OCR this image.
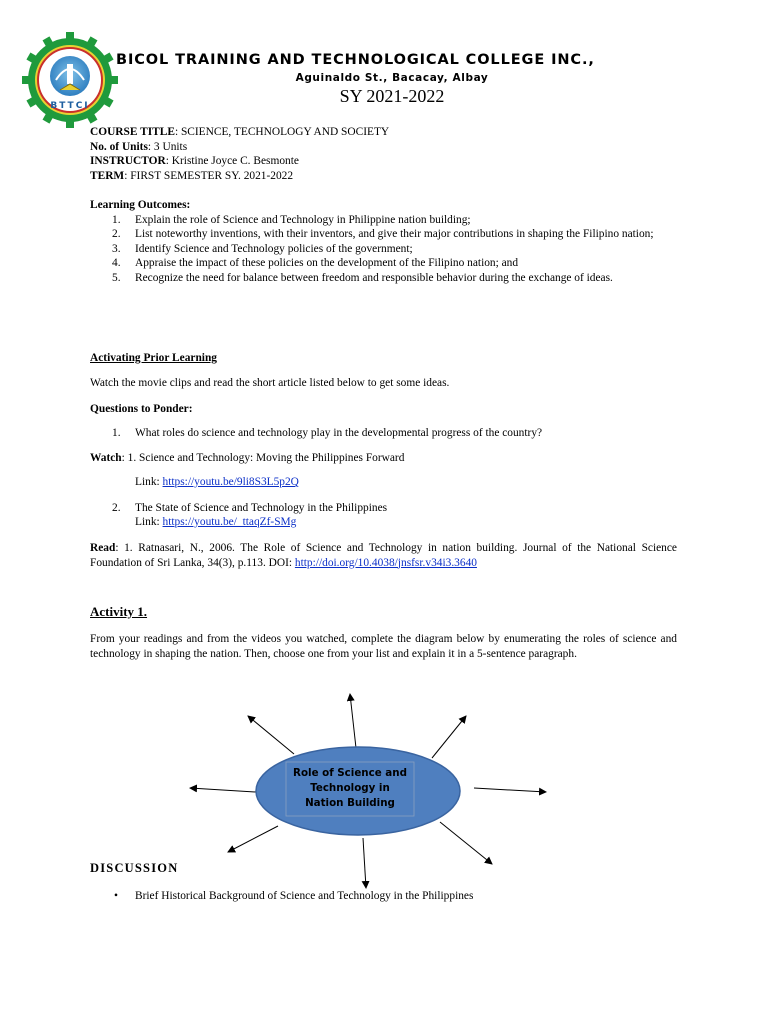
BTTCI
BICOL TRAINING AND TECHNOLOGICAL COLLEGE INC.,
Aguinaldo St., Bacacay, Albay
SY 2021-2022
COURSE TITLE: SCIENCE, TECHNOLOGY AND SOCIETY
No. of Units: 3 Units
INSTRUCTOR: Kristine Joyce C. Besmonte
TERM: FIRST SEMESTER SY. 2021-2022
Learning Outcomes:
1. Explain the role of Science and Technology in Philippine nation building;
2. List noteworthy inventions, with their inventors, and give their major contributions in shaping the Filipino nation;
3. Identify Science and Technology policies of the government;
4. Appraise the impact of these policies on the development of the Filipino nation; and
5. Recognize the need for balance between freedom and responsible behavior during the exchange of ideas.
Activating Prior Learning
Watch the movie clips and read the short article listed below to get some ideas.
Questions to Ponder:
1. What roles do science and technology play in the developmental progress of the country?
Watch: 1. Science and Technology: Moving the Philippines Forward
Link: https://youtu.be/9li8S3L5p2Q
2. The State of Science and Technology in the Philippines
Link: https://youtu.be/_ttaqZf-SMg
Read: 1. Ratnasari, N., 2006. The Role of Science and Technology in nation building. Journal of the National Science Foundation of Sri Lanka, 34(3), p.113. DOI: http://doi.org/10.4038/jnsfsr.v34i3.3640
Activity 1.
From your readings and from the videos you watched, complete the diagram below by enumerating the roles of science and technology in shaping the nation. Then, choose one from your list and explain it in a 5-sentence paragraph.
Role of Science and
Technology in
Nation Building
DISCUSSION
• Brief Historical Background of Science and Technology in the Philippines
